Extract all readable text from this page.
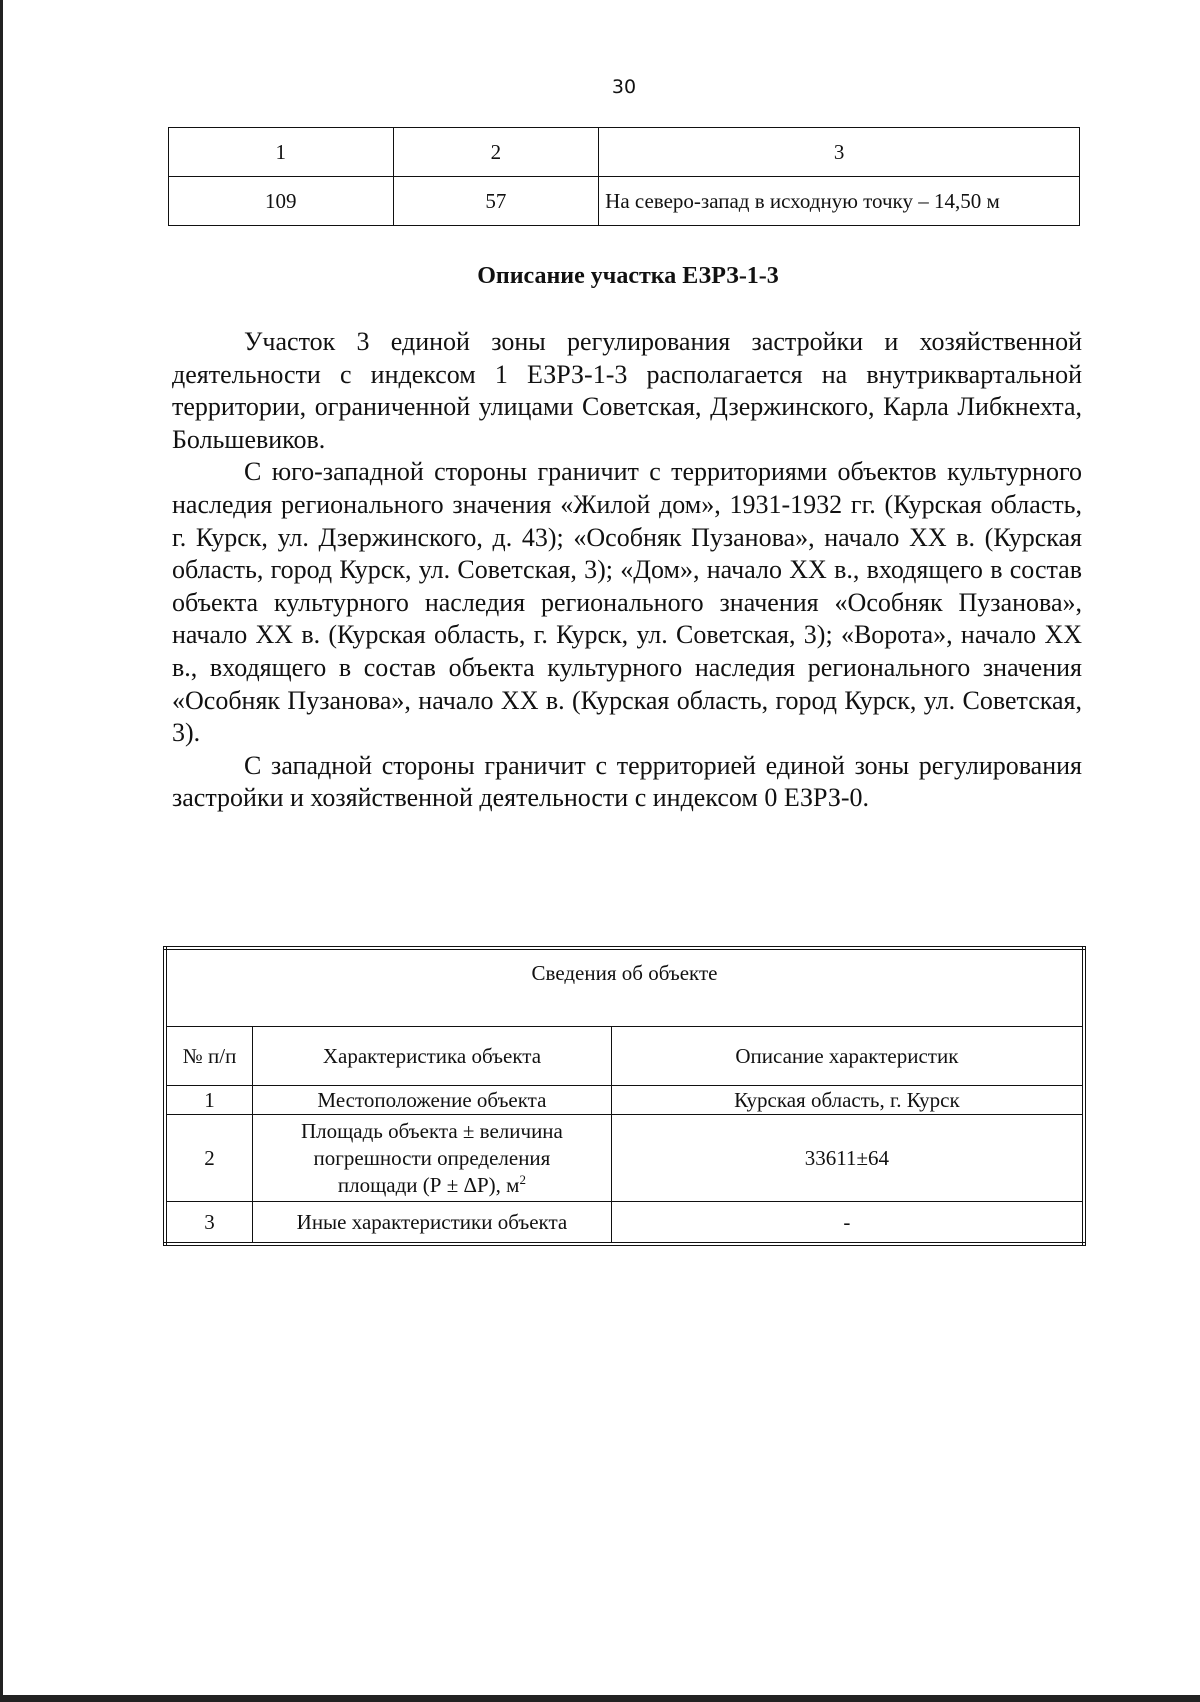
30
1	2	3
109	57	На северо-запад в исходную точку – 14,50 м
Описание участка ЕЗРЗ-1-3

Участок 3 единой зоны регулирования застройки и хозяйственной деятельности с индексом 1 ЕЗРЗ-1-3 располагается на внутриквартальной территории, ограниченной улицами Советская, Дзержинского, Карла Либкнехта, Большевиков.

С юго-западной стороны граничит с территориями объектов культурного наследия регионального значения «Жилой дом», 1931-1932 гг. (Курская область, г. Курск, ул. Дзержинского, д. 43); «Особняк Пузанова», начало XX в. (Курская область, город Курск, ул. Советская, 3); «Дом», начало XX в., входящего в состав объекта культурного наследия регионального значения «Особняк Пузанова», начало XX в. (Курская область, г. Курск, ул. Советская, 3); «Ворота», начало XX в., входящего в состав объекта культурного наследия регионального значения «Особняк Пузанова», начало XX в. (Курская область, город Курск, ул. Советская, 3).

С западной стороны граничит с территорией единой зоны регулирования застройки и хозяйственной деятельности с индексом 0 ЕЗРЗ-0.

Сведения об объекте		
№ п/п	Характеристика объекта	Описание характеристик
1	Местоположение объекта	Курская область, г. Курск
2	Площадь объекта ± величина
погрешности определения
площади (Р ± ΔР), $м^2$	33611±64
3	Иные характеристики объекта	-
